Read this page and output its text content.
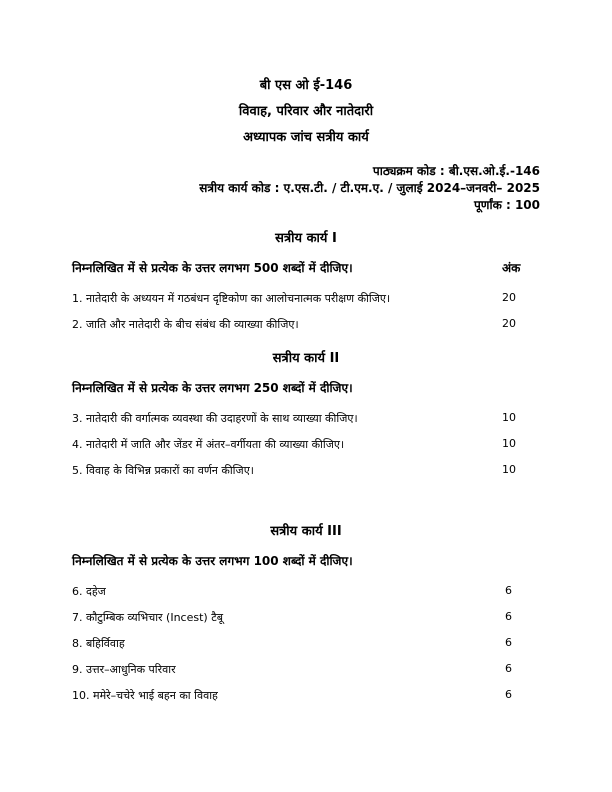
बी एस ओ ई-146
विवाह, परिवार और नातेदारी
अध्यापक जांच सत्रीय कार्य
पाठ्यक्रम कोड : बी.एस.ओ.ई.-146
सत्रीय कार्य कोड : ए.एस.टी. / टी.एम.ए. / जुलाई 2024–जनवरी– 2025
पूर्णांक : 100
सत्रीय कार्य I
निम्नलिखित में से प्रत्येक के उत्तर लगभग 500 शब्दों में दीजिए।	अंक
1. नातेदारी के अध्ययन में गठबंधन दृष्टिकोण का आलोचनात्मक परीक्षण कीजिए।	20
2. जाति और नातेदारी के बीच संबंध की व्याख्या कीजिए।	20
सत्रीय कार्य II
निम्नलिखित में से प्रत्येक के उत्तर लगभग 250 शब्दों में दीजिए।
3. नातेदारी की वर्गात्मक व्यवस्था की उदाहरणों के साथ व्याख्या कीजिए।	10
4. नातेदारी में जाति और जेंडर में अंतर–वर्गीयता की व्याख्या कीजिए।	10
5. विवाह के विभिन्न प्रकारों का वर्णन कीजिए।	10
सत्रीय कार्य III
निम्नलिखित में से प्रत्येक के उत्तर लगभग 100 शब्दों में दीजिए।
6. दहेज	6
7. कौटुम्बिक व्यभिचार (Incest) टैबू	6
8. बहिर्विवाह	6
9. उत्तर–आधुनिक परिवार	6
10. ममेरे–चचेरे भाई बहन का विवाह	6
